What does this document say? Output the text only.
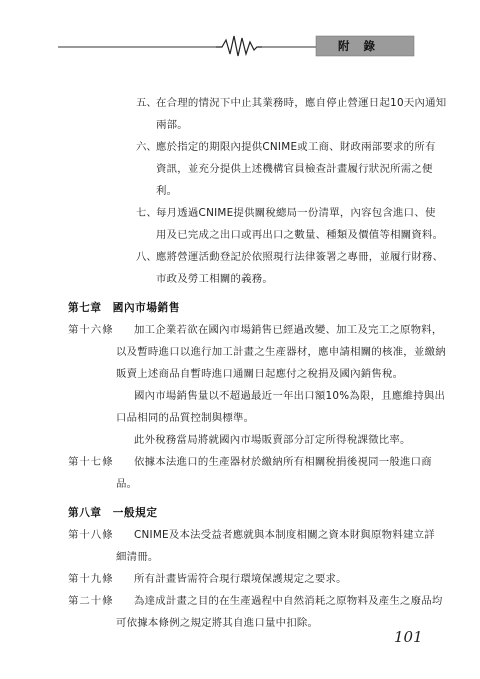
附 錄
五、 在合理的情況下中止其業務時，應自停止營運日起10天內通知
兩部。
六、 應於指定的期限內提供CNIME或工商、財政兩部要求的所有
資訊，並充分提供上述機構官員檢查計畫履行狀況所需之便
利。
七、 每月透過CNIME提供關稅總局一份清單，內容包含進口、使
用及已完成之出口或再出口之數量、種類及價值等相關資料。
八、 應將營運活動登記於依照現行法律簽署之專冊，並履行財務、
市政及勞工相關的義務。
第七章　國內市場銷售
第十六條 加工企業若欲在國內市場銷售已經過改變、加工及完工之原物料，
以及暫時進口以進行加工計畫之生產器材，應申請相關的核准，並繳納
販賣上述商品自暫時進口通關日起應付之稅捐及國內銷售稅。
國內市場銷售量以不超過最近一年出口額10%為限，且應維持與出
口品相同的品質控制與標準。
此外稅務當局將就國內市場販賣部分訂定所得稅課徵比率。
第十七條 依據本法進口的生產器材於繳納所有相關稅捐後視同一般進口商
品。
第八章　一般規定
第十八條 CNIME及本法受益者應就與本制度相關之資本財與原物料建立詳
細清冊。
第十九條 所有計畫皆需符合現行環境保護規定之要求。
第二十條 為達成計畫之目的在生產過程中自然消耗之原物料及產生之廢品均
可依據本條例之規定將其自進口量中扣除。
101
